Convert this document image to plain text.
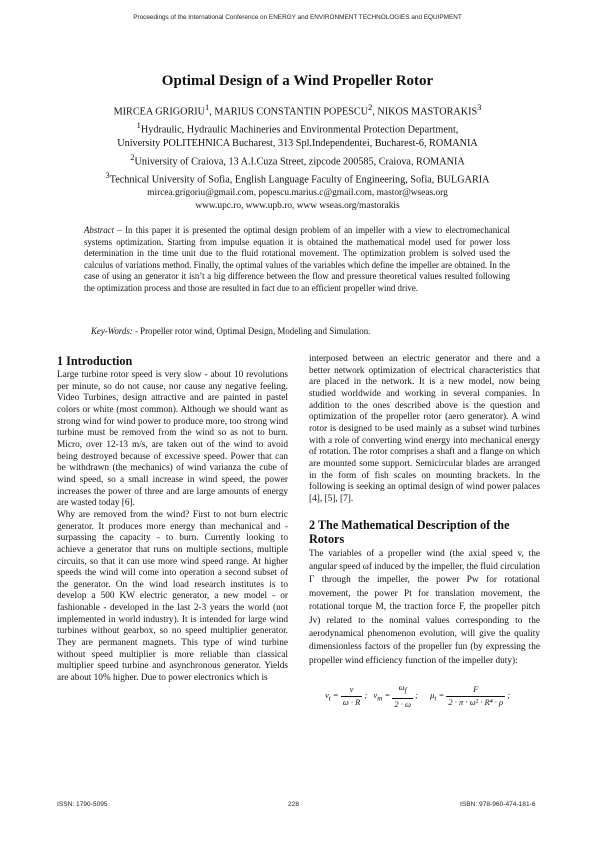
Proceedings of the International Conference on ENERGY and ENVIRONMENT TECHNOLOGIES and EQUIPMENT
Optimal Design of a Wind Propeller Rotor
MIRCEA GRIGORIU$^1$, MARIUS CONSTANTIN POPESCU$^2$, NIKOS MASTORAKIS$^3$
$^1$Hydraulic, Hydraulic Machineries and Environmental Protection Department,
University POLITEHNICA Bucharest, 313 Spl.Independentei, Bucharest-6, ROMANIA
$^2$University of Craiova, 13 A.I.Cuza Street, zipcode 200585, Craiova, ROMANIA
$^3$Technical University of Sofia, English Language Faculty of Engineering, Sofia, BULGARIA
mircea.grigoriu@gmail.com, popescu.marius.c@gmail.com, mastor@wseas.org
www.upc.ro, www.upb.ro, www wseas.org/mastorakis
Abstract – In this paper it is presented the optimal design problem of an impeller with a view to electromechanical systems optimization. Starting from impulse equation it is obtained the mathematical model used for power loss determination in the time unit due to the fluid rotational movement. The optimization problem is solved used the calculus of variations method. Finally, the optimal values of the variables which define the impeller are obtained. In the case of using an generator it isn’t a big difference between the flow and pressure theoretical values resulted following the optimization process and those are resulted in fact due to an efficient propeller wind drive.
Key-Words: - Propeller rotor wind, Optimal Design, Modeling and Simulation.
1 Introduction

Large turbine rotor speed is very slow - about 10 revolutions per minute, so do not cause, nor cause any negative feeling. Video Turbines, design attractive and are painted in pastel colors or white (most common). Although we should want as strong wind for wind power to produce more, too strong wind turbine must be removed from the wind so as not to burn. Micro, over 12-13 m/s, are taken out of the wind to avoid being destroyed because of excessive speed. Power that can be withdrawn (the mechanics) of wind varianza the cube of wind speed, so a small increase in wind speed, the power increases the power of three and are large amounts of energy are wasted today [6].

Why are removed from the wind? First to not burn electric generator. It produces more energy than mechanical and - surpassing the capacity - to burn. Currently looking to achieve a generator that runs on multiple sections, multiple circuits, so that it can use more wind speed range. At higher speeds the wind will come into operation a second subset of the generator. On the wind load research institutes is to develop a 500 KW electric generator, a new model - or fashionable - developed in the last 2-3 years the world (not implemented in world industry). It is intended for large wind turbines without gearbox, so no speed multiplier generator. They are permanent magnets. This type of wind turbine without speed multiplier is more reliable than classical multiplier speed turbine and asynchronous generator. Yields are about 10% higher. Due to power electronics which is

interposed between an electric generator and there and a better network optimization of electrical characteristics that are placed in the network. It is a new model, now being studied worldwide and working in several companies. In addition to the ones described above is the question and optimization of the propeller rotor (aero generator). A wind rotor is designed to be used mainly as a subset wind turbines with a role of converting wind energy into mechanical energy of rotation. The rotor comprises a shaft and a flange on which are mounted some support. Semicircular blades are arranged in the form of fish scales on mounting brackets. In the following is seeking an optimal design of wind power palaces [4], [5], [7].

2 The Mathematical Description of the Rotors

The variables of a propeller wind (the axial speed v, the angular speed ωf induced by the impeller, the fluid circulation Γ through the impeller, the power Pw for rotational movement, the power Pt for translation movement, the rotational torque M, the traction force F, the propeller pitch Jv) related to the nominal values corresponding to the aerodynamical phenomenon evolution, will give the quality dimensionless factors of the propeller fun (by expressing the propeller wind efficiency function of the impeller duty):

$\nu_t = \frac{v}{\omega \cdot R}$ ; $\nu_m = \frac{\omega_f}{2 \cdot \omega}$ ; $\mu_t = \frac{F}{\text{2 · π · ω² · R⁴ · ρ}}$ ;
ISSN: 1790-5095	228	ISBN: 978-960-474-181-6
